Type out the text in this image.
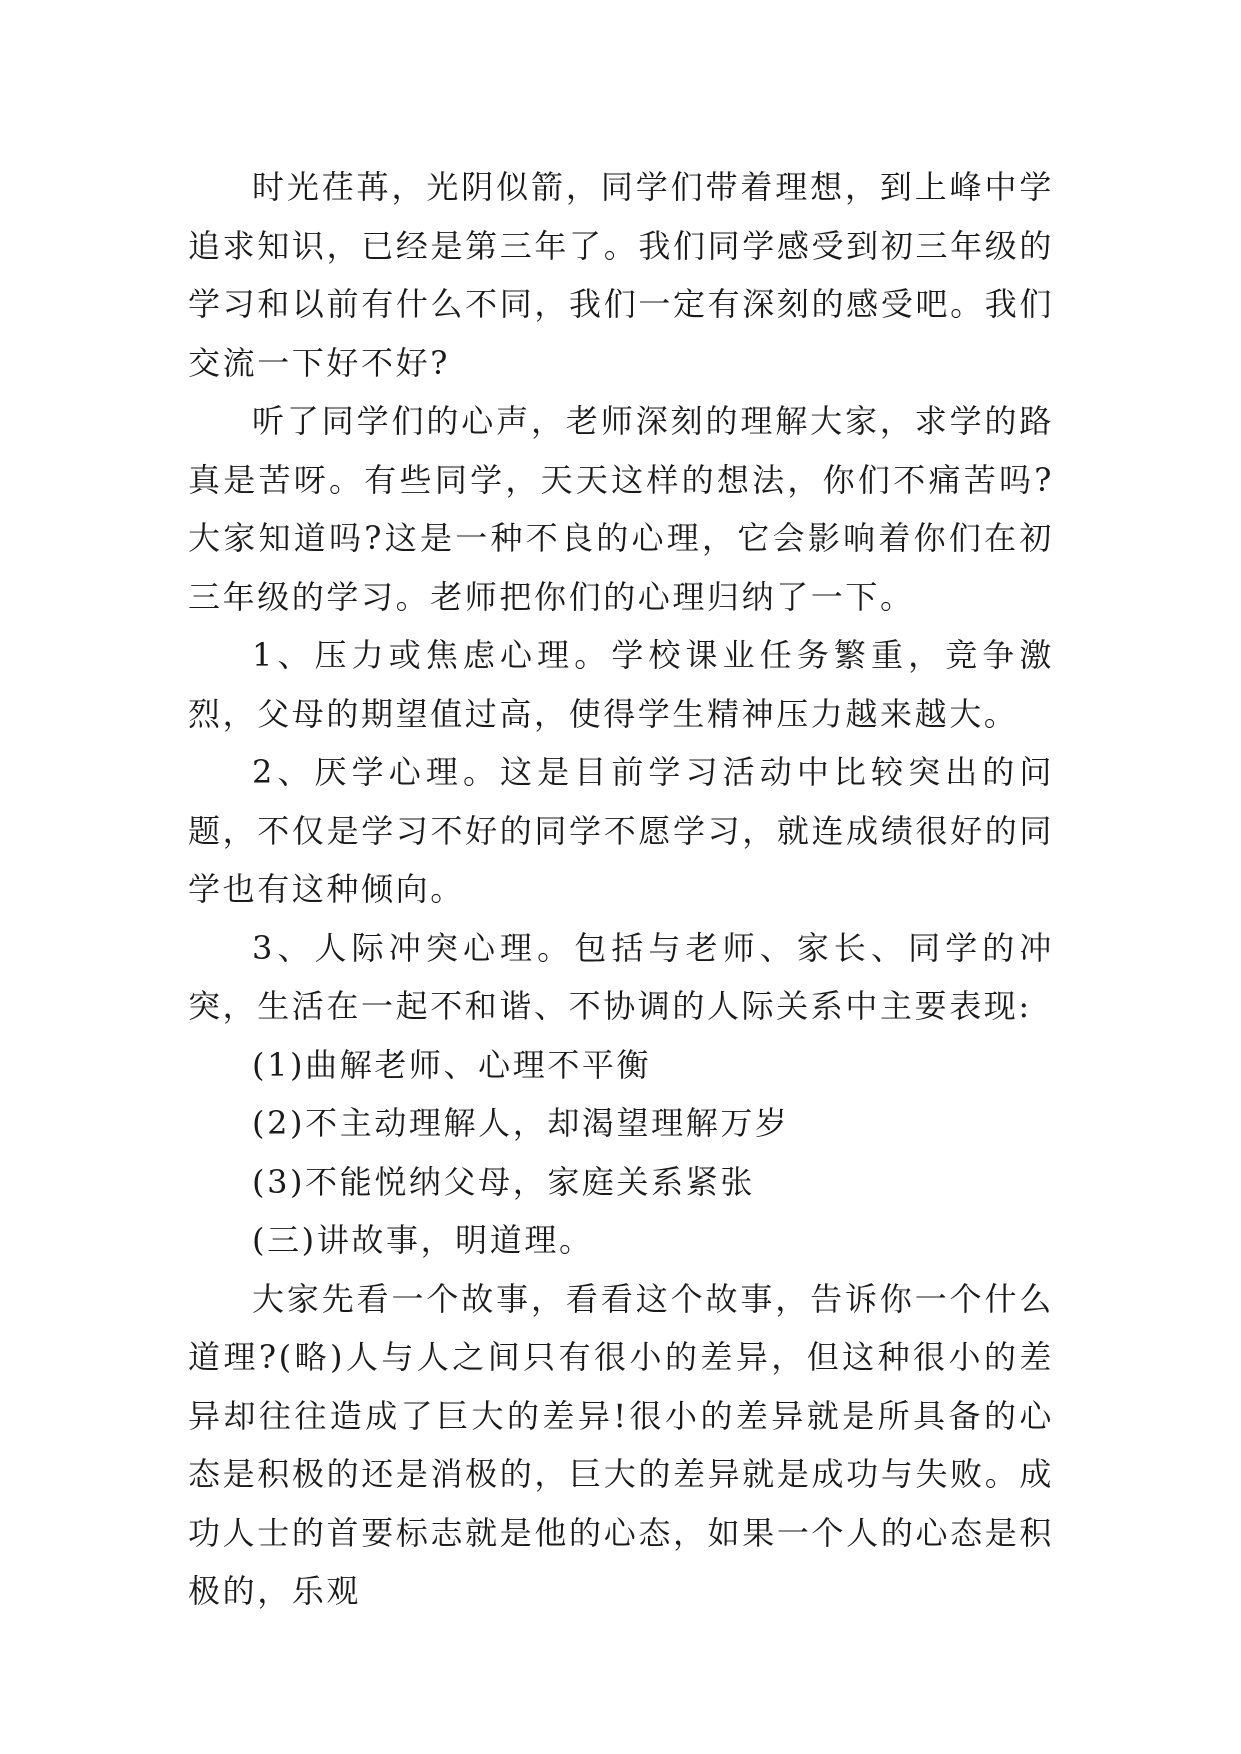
时光荏苒，光阴似箭，同学们带着理想，到上峰中学追求知识，已经是第三年了。我们同学感受到初三年级的学习和以前有什么不同，我们一定有深刻的感受吧。我们交流一下好不好?

听了同学们的心声，老师深刻的理解大家，求学的路真是苦呀。有些同学，天天这样的想法，你们不痛苦吗?大家知道吗?这是一种不良的心理，它会影响着你们在初三年级的学习。老师把你们的心理归纳了一下。

1、压力或焦虑心理。学校课业任务繁重，竞争激烈，父母的期望值过高，使得学生精神压力越来越大。

2、厌学心理。这是目前学习活动中比较突出的问题，不仅是学习不好的同学不愿学习，就连成绩很好的同学也有这种倾向。

3、人际冲突心理。包括与老师、家长、同学的冲突，生活在一起不和谐、不协调的人际关系中主要表现:

(1)曲解老师、心理不平衡

(2)不主动理解人，却渴望理解万岁

(3)不能悦纳父母，家庭关系紧张

(三)讲故事，明道理。

大家先看一个故事，看看这个故事，告诉你一个什么道理?(略)人与人之间只有很小的差异，但这种很小的差异却往往造成了巨大的差异!很小的差异就是所具备的心态是积极的还是消极的，巨大的差异就是成功与失败。成功人士的首要标志就是他的心态，如果一个人的心态是积极的，乐观
